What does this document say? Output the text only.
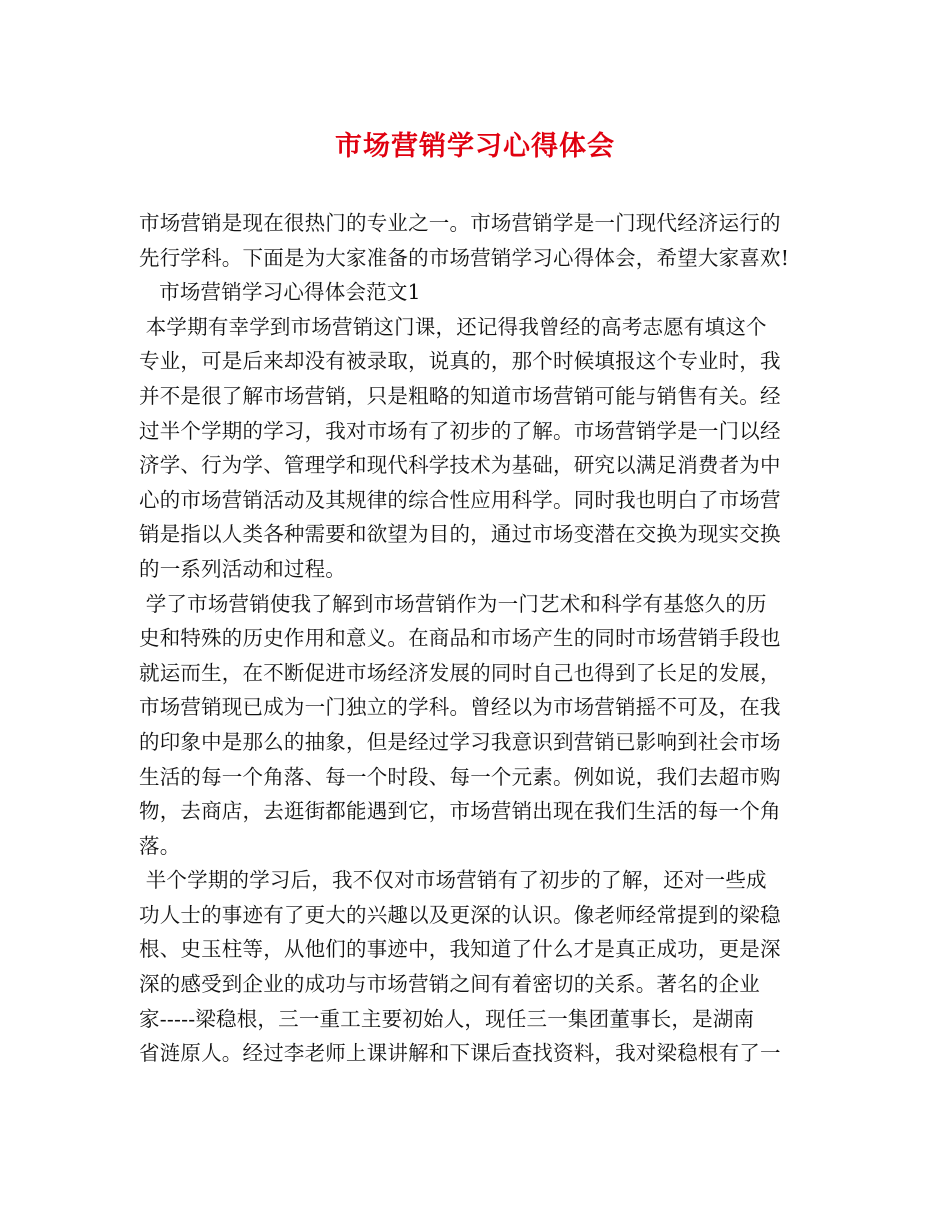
市场营销学习心得体会
市场营销是现在很热门的专业之一。市场营销学是一门现代经济运行的
先行学科。下面是为大家准备的市场营销学习心得体会，希望大家喜欢!
市场营销学习心得体会范文1
本学期有幸学到市场营销这门课，还记得我曾经的高考志愿有填这个
专业，可是后来却没有被录取，说真的，那个时候填报这个专业时，我
并不是很了解市场营销，只是粗略的知道市场营销可能与销售有关。经
过半个学期的学习，我对市场有了初步的了解。市场营销学是一门以经
济学、行为学、管理学和现代科学技术为基础，研究以满足消费者为中
心的市场营销活动及其规律的综合性应用科学。同时我也明白了市场营
销是指以人类各种需要和欲望为目的，通过市场变潜在交换为现实交换
的一系列活动和过程。
学了市场营销使我了解到市场营销作为一门艺术和科学有基悠久的历
史和特殊的历史作用和意义。在商品和市场产生的同时市场营销手段也
就运而生，在不断促进市场经济发展的同时自己也得到了长足的发展，
市场营销现已成为一门独立的学科。曾经以为市场营销摇不可及，在我
的印象中是那么的抽象，但是经过学习我意识到营销已影响到社会市场
生活的每一个角落、每一个时段、每一个元素。例如说，我们去超市购
物，去商店，去逛街都能遇到它，市场营销出现在我们生活的每一个角
落。
半个学期的学习后，我不仅对市场营销有了初步的了解，还对一些成
功人士的事迹有了更大的兴趣以及更深的认识。像老师经常提到的梁稳
根、史玉柱等，从他们的事迹中，我知道了什么才是真正成功，更是深
深的感受到企业的成功与市场营销之间有着密切的关系。著名的企业
家-----梁稳根，三一重工主要初始人，现任三一集团董事长，是湖南
省涟原人。经过李老师上课讲解和下课后查找资料，我对梁稳根有了一
